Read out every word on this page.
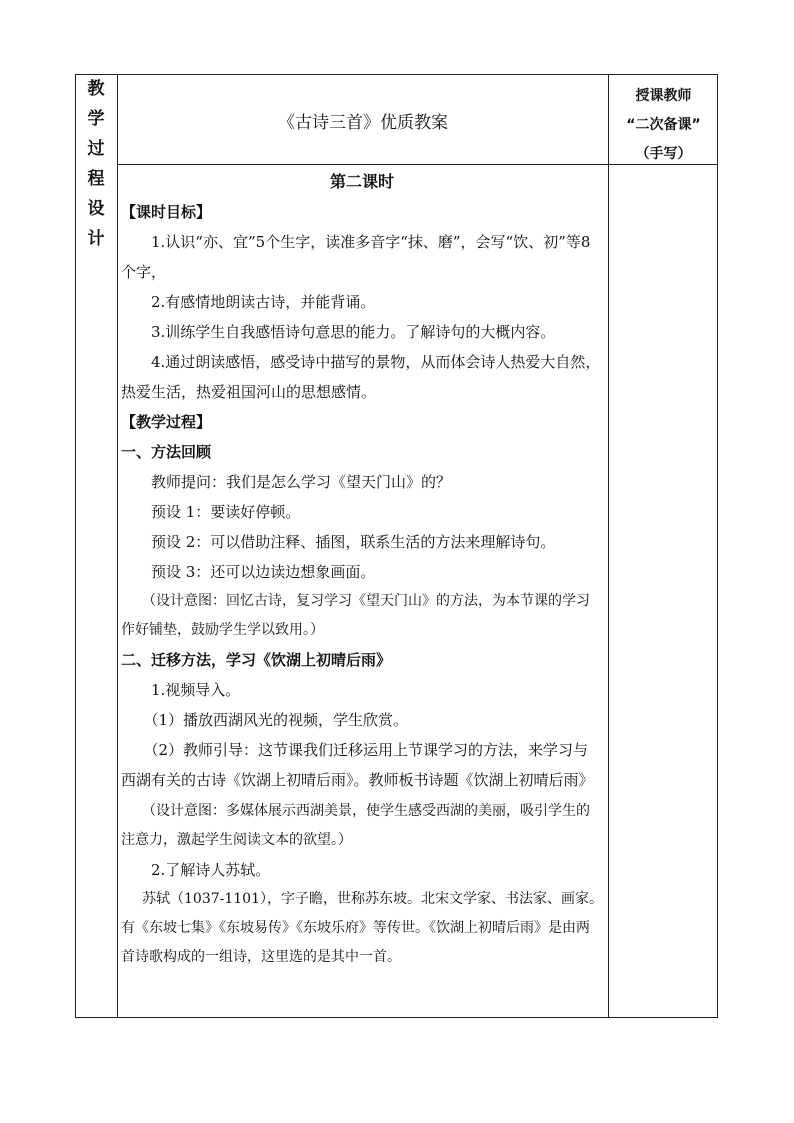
教
学
过
程
设
计
《古诗三首》优质教案
授课教师
“二次备课”
（手写）

第二课时

【课时目标】

1.认识“亦、宜”5个生字，读准多音字“抹、磨”，会写“饮、初”等8个字，

2.有感情地朗读古诗，并能背诵。

3.训练学生自我感悟诗句意思的能力。了解诗句的大概内容。

4.通过朗读感悟，感受诗中描写的景物，从而体会诗人热爱大自然，热爱生活，热爱祖国河山的思想感情。

【教学过程】

一、方法回顾

教师提问：我们是怎么学习《望天门山》的？

预设 1：要读好停顿。

预设 2：可以借助注释、插图，联系生活的方法来理解诗句。

预设 3：还可以边读边想象画面。

（设计意图：回忆古诗，复习学习《望天门山》的方法，为本节课的学习作好铺垫，鼓励学生学以致用。）

二、迁移方法，学习《饮湖上初晴后雨》

1.视频导入。

（1）播放西湖风光的视频，学生欣赏。

（2）教师引导：这节课我们迁移运用上节课学习的方法，来学习与西湖有关的古诗《饮湖上初晴后雨》。教师板书诗题《饮湖上初晴后雨》

（设计意图：多媒体展示西湖美景，使学生感受西湖的美丽，吸引学生的注意力，激起学生阅读文本的欲望。）

2.了解诗人苏轼。

苏轼（1037-1101），字子瞻，世称苏东坡。北宋文学家、书法家、画家。有《东坡七集》《东坡易传》《东坡乐府》等传世。《饮湖上初晴后雨》是由两首诗歌构成的一组诗，这里选的是其中一首。
